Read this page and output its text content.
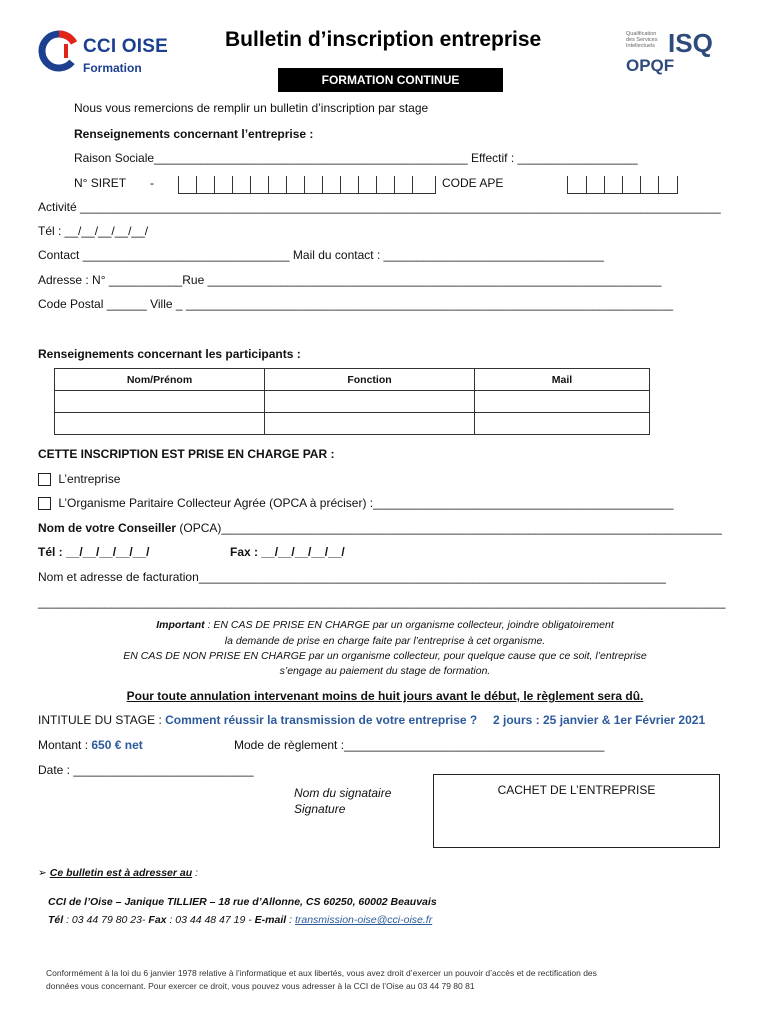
CCI OISE
Formation
Bulletin d’inscription entreprise
FORMATION CONTINUE
Qualification des Services Intellectuels ISQ
OPQF
Nous vous remercions de remplir un bulletin d’inscription par stage
Renseignements concernant l’entreprise :
Raison Sociale_______________________________________________ Effectif : __________________
N° SIRET -	CODE APE
Activité ________________________________________________________________________________________________
Tél : __/__/__/__/__/
Contact _______________________________ Mail du contact : _________________________________
Adresse : N° ___________Rue ____________________________________________________________________
Code Postal ______ Ville _ _________________________________________________________________________
Renseignements concernant les participants :
Nom/Prénom	Fonction	Mail

CETTE INSCRIPTION EST PRISE EN CHARGE PAR :
L’entreprise
L’Organisme Paritaire Collecteur Agrée (OPCA à préciser) :_____________________________________________
Nom de votre Conseiller (OPCA)___________________________________________________________________________
Tél : __/__/__/__/__/	Fax : __/__/__/__/__/
Nom et adresse de facturation______________________________________________________________________
_______________________________________________________________________________________________________
Important : EN CAS DE PRISE EN CHARGE par un organisme collecteur, joindre obligatoirement
la demande de prise en charge faite par l’entreprise à cet organisme.
EN CAS DE NON PRISE EN CHARGE par un organisme collecteur, pour quelque cause que ce soit, l’entreprise
s’engage au paiement du stage de formation.
Pour toute annulation intervenant moins de huit jours avant le début, le règlement sera dû.
INTITULE DU STAGE : Comment réussir la transmission de votre entreprise ? 2 jours : 25 janvier & 1er Février 2021
Montant : 650 € net	Mode de règlement :_______________________________________
Date : ___________________________
Nom du signataire
Signature
CACHET DE L’ENTREPRISE
➢ Ce bulletin est à adresser au :
CCI de l’Oise – Janique TILLIER – 18 rue d’Allonne, CS 60250, 60002 Beauvais
Tél : 03 44 79 80 23- Fax : 03 44 48 47 19 - E-mail : transmission-oise@cci-oise.fr
Conformément à la loi du 6 janvier 1978 relative à l’informatique et aux libertés, vous avez droit d’exercer un pouvoir d’accès et de rectification des
données vous concernant. Pour exercer ce droit, vous pouvez vous adresser à la CCI de l’Oise au 03 44 79 80 81
